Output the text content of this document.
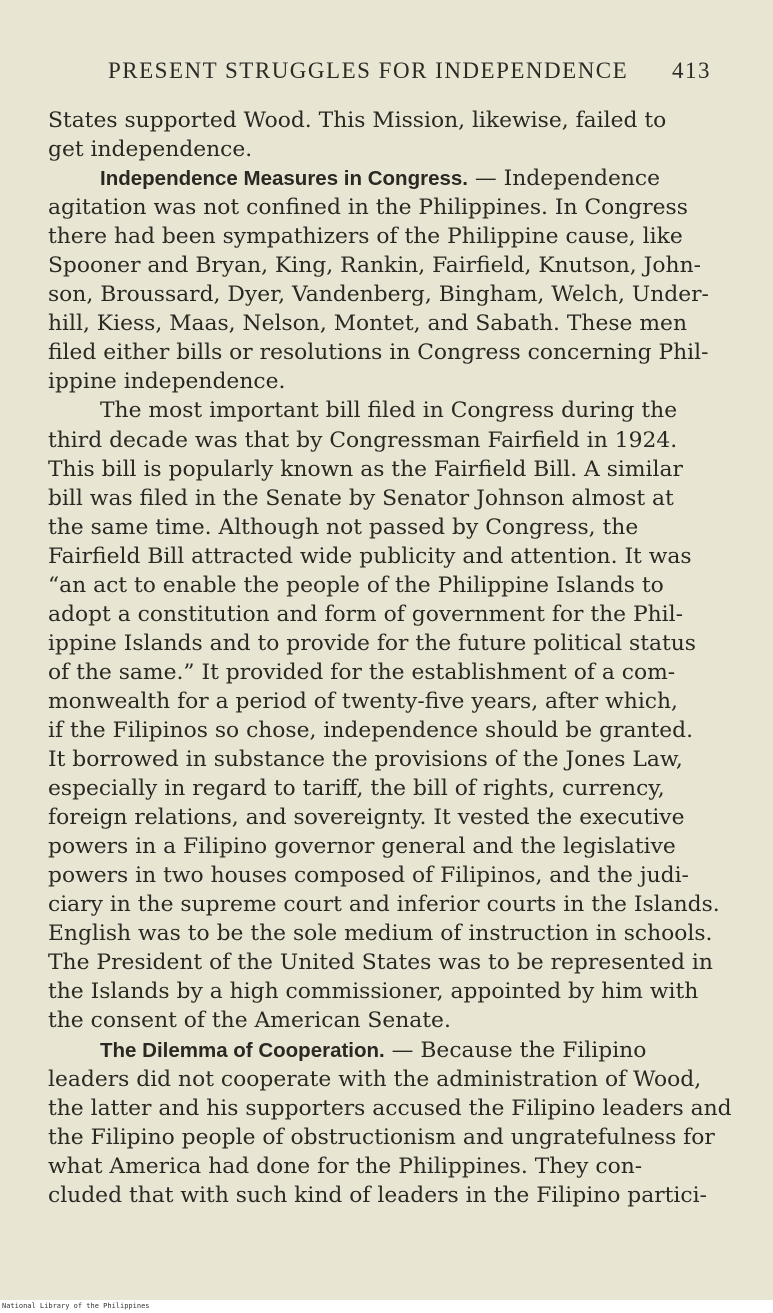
PRESENT STRUGGLES FOR INDEPENDENCE 413
States supported Wood. This Mission, likewise, failed to
get independence.
Independence Measures in Congress. — Independence
agitation was not confined in the Philippines. In Congress
there had been sympathizers of the Philippine cause, like
Spooner and Bryan, King, Rankin, Fairfield, Knutson, John-
son, Broussard, Dyer, Vandenberg, Bingham, Welch, Under-
hill, Kiess, Maas, Nelson, Montet, and Sabath. These men
filed either bills or resolutions in Congress concerning Phil-
ippine independence.
The most important bill filed in Congress during the
third decade was that by Congressman Fairfield in 1924.
This bill is popularly known as the Fairfield Bill. A similar
bill was filed in the Senate by Senator Johnson almost at
the same time. Although not passed by Congress, the
Fairfield Bill attracted wide publicity and attention. It was
“an act to enable the people of the Philippine Islands to
adopt a constitution and form of government for the Phil-
ippine Islands and to provide for the future political status
of the same.” It provided for the establishment of a com-
monwealth for a period of twenty-five years, after which,
if the Filipinos so chose, independence should be granted.
It borrowed in substance the provisions of the Jones Law,
especially in regard to tariff, the bill of rights, currency,
foreign relations, and sovereignty. It vested the executive
powers in a Filipino governor general and the legislative
powers in two houses composed of Filipinos, and the judi-
ciary in the supreme court and inferior courts in the Islands.
English was to be the sole medium of instruction in schools.
The President of the United States was to be represented in
the Islands by a high commissioner, appointed by him with
the consent of the American Senate.
The Dilemma of Cooperation. — Because the Filipino
leaders did not cooperate with the administration of Wood,
the latter and his supporters accused the Filipino leaders and
the Filipino people of obstructionism and ungratefulness for
what America had done for the Philippines. They con-
cluded that with such kind of leaders in the Filipino partici-
National Library of the Philippines
